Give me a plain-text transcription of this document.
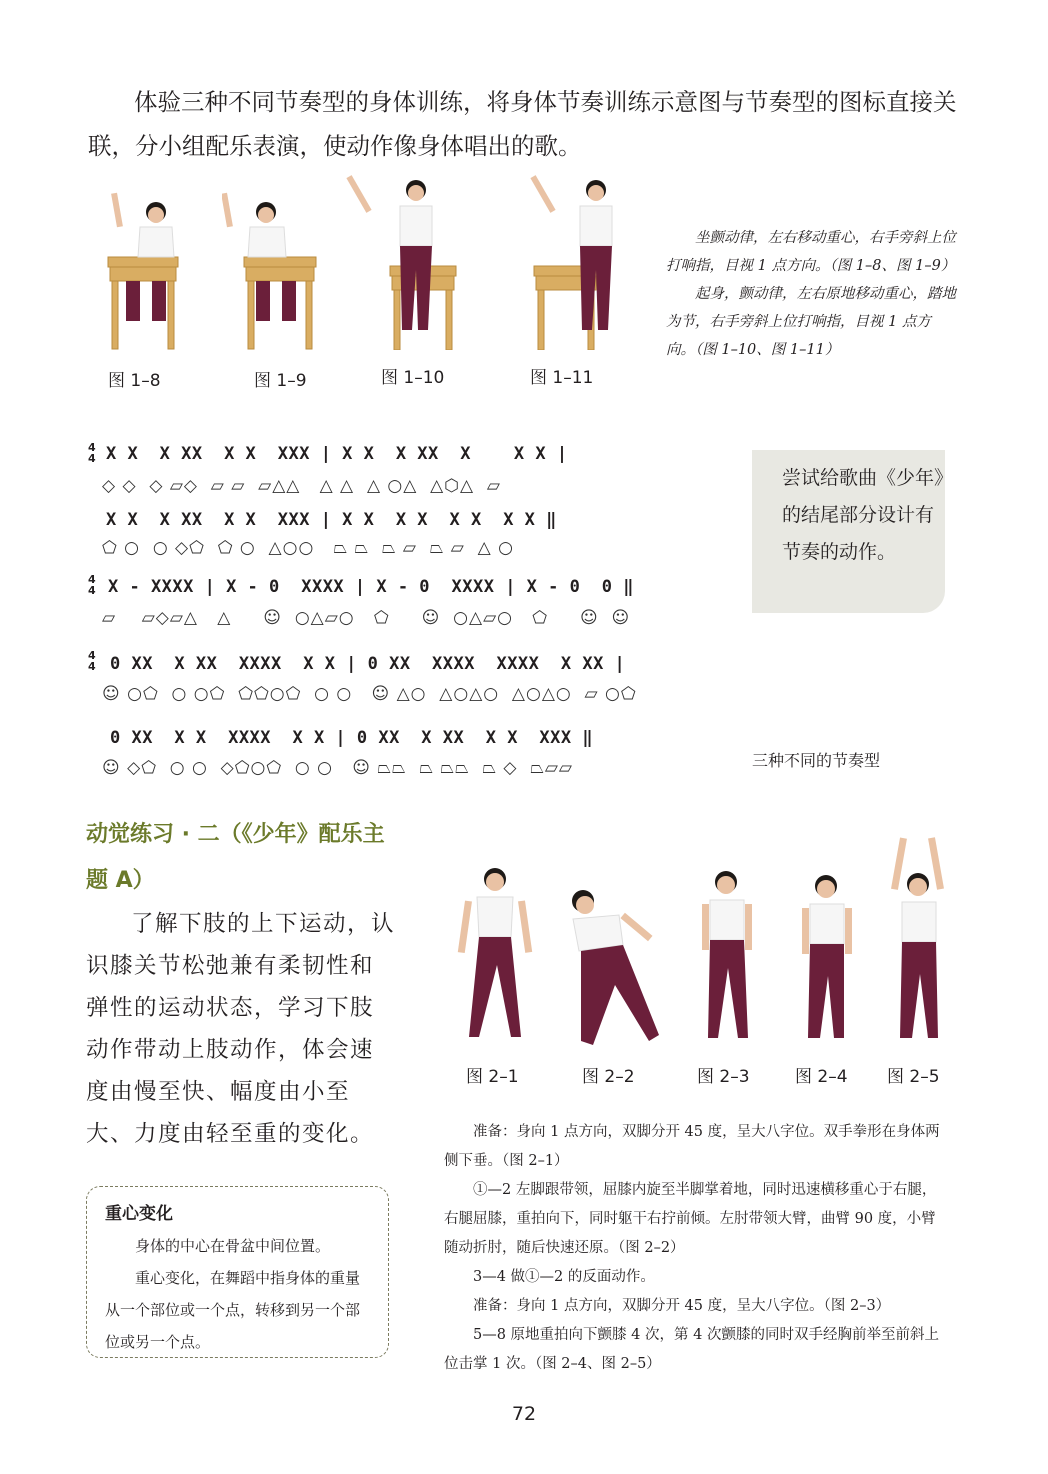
体验三种不同节奏型的身体训练，将身体节奏训练示意图与节奏型的图标直接关联，分小组配乐表演，使动作像身体唱出的歌。
图 1–8	图 1–9	图 1–10	图 1–11

坐颤动律，左右移动重心，右手旁斜上位打响指，目视 1 点方向。（图 1–8、图 1–9）

起身，颤动律，左右原地移动重心，踏地为节，右手旁斜上位打响指，目视 1 点方向。（图 1–10、图 1–11）

4
4 X X  X XX  X X  XXX | X X  X XX  X    X X |
◇ ◇  ◇ ▱◇  ▱ ▱  ▱△△   △ △  △ ○△  △⬡△  ▱
X X  X XX  X X  XXX | X X  X X  X X  X X ‖
⬠ ○  ○ ◇⬠  ⬠ ○  △○○   ⏢ ⏢  ⏢ ▱  ⏢ ▱  △ ○
4
4 X - XXXX | X - 0  XXXX | X - 0  XXXX | X - 0  0 ‖
▱    ▱◇▱△   △     ☺  ○△▱○   ⬠     ☺  ○△▱○   ⬠     ☺  ☺
4
4 0 XX  X XX  XXXX  X X | 0 XX  XXXX  XXXX  X XX |
☺ ○⬠  ○ ○⬠  ⬠⬠○⬠  ○ ○   ☺ △○  △○△○  △○△○  ▱ ○⬠
0 XX  X X  XXXX  X X | 0 XX  X XX  X X  XXX ‖
☺ ◇⬠  ○ ○  ◇⬠○⬠  ○ ○   ☺ ⏢⏢  ⏢ ⏢⏢  ⏢ ◇  ⏢▱▱
尝试给歌曲《少年》的结尾部分设计有节奏的动作。
三种不同的节奏型
动觉练习 · 二（《少年》配乐主题 A）
了解下肢的上下运动，认识膝关节松弛兼有柔韧性和弹性的运动状态，学习下肢动作带动上肢动作，体会速度由慢至快、幅度由小至大、力度由轻至重的变化。
重心变化

身体的中心在骨盆中间位置。

重心变化，在舞蹈中指身体的重量从一个部位或一个点，转移到另一个部位或另一个点。

图 2–1	图 2–2	图 2–3	图 2–4 图 2–5

准备：身向 1 点方向，双脚分开 45 度，呈大八字位。双手拳形在身体两侧下垂。（图 2–1）

①—2 左脚跟带领，屈膝内旋至半脚掌着地，同时迅速横移重心于右腿，右腿屈膝，重拍向下，同时躯干右拧前倾。左肘带领大臂，曲臂 90 度，小臂随动折肘，随后快速还原。（图 2–2）

3—4 做①—2 的反面动作。

准备：身向 1 点方向，双脚分开 45 度，呈大八字位。（图 2–3）

5—8 原地重拍向下颤膝 4 次，第 4 次颤膝的同时双手经胸前举至前斜上位击掌 1 次。（图 2–4、图 2–5）

72
